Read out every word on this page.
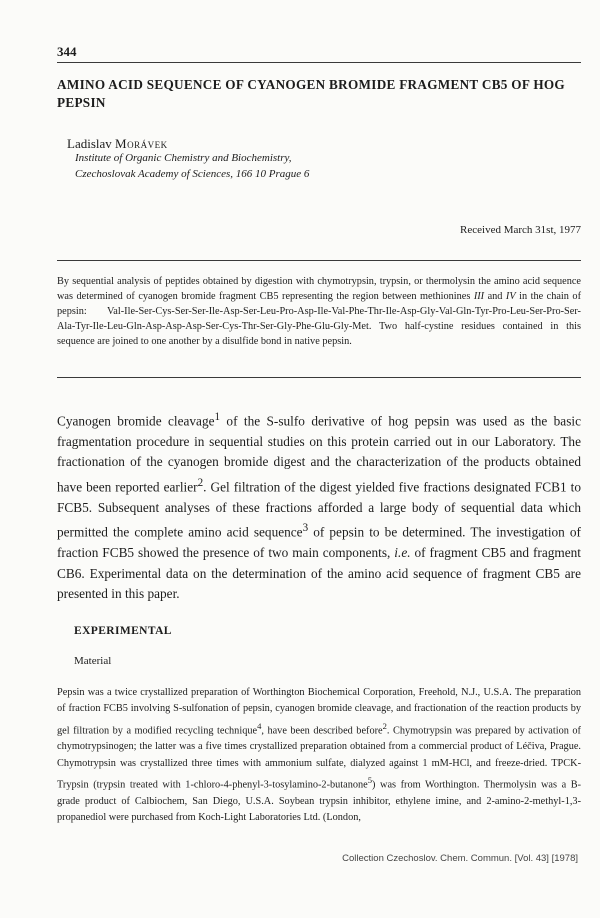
344
AMINO ACID SEQUENCE OF CYANOGEN BROMIDE FRAGMENT CB5 OF HOG PEPSIN
Ladislav Morávek
Institute of Organic Chemistry and Biochemistry,
Czechoslovak Academy of Sciences, 166 10 Prague 6
Received March 31st, 1977
By sequential analysis of peptides obtained by digestion with chymotrypsin, trypsin, or thermolysin the amino acid sequence was determined of cyanogen bromide fragment CB5 representing the region between methionines III and IV in the chain of pepsin: Val-Ile-Ser-Cys-Ser-Ser-Ile-Asp-Ser-Leu-Pro-Asp-Ile-Val-Phe-Thr-Ile-Asp-Gly-Val-Gln-Tyr-Pro-Leu-Ser-Pro-Ser-Ala-Tyr-Ile-Leu-Gln-Asp-Asp-Asp-Ser-Cys-Thr-Ser-Gly-Phe-Glu-Gly-Met. Two half-cystine residues contained in this sequence are joined to one another by a disulfide bond in native pepsin.
Cyanogen bromide cleavage$^1$ of the S-sulfo derivative of hog pepsin was used as the basic fragmentation procedure in sequential studies on this protein carried out in our Laboratory. The fractionation of the cyanogen bromide digest and the characterization of the products obtained have been reported earlier$^2$. Gel filtration of the digest yielded five fractions designated FCB1 to FCB5. Subsequent analyses of these fractions afforded a large body of sequential data which permitted the complete amino acid sequence$^3$ of pepsin to be determined. The investigation of fraction FCB5 showed the presence of two main components, i.e. of fragment CB5 and fragment CB6. Experimental data on the determination of the amino acid sequence of fragment CB5 are presented in this paper.
EXPERIMENTAL
Material
Pepsin was a twice crystallized preparation of Worthington Biochemical Corporation, Freehold, N.J., U.S.A. The preparation of fraction FCB5 involving S-sulfonation of pepsin, cyanogen bromide cleavage, and fractionation of the reaction products by gel filtration by a modified recycling technique$^4$, have been described before$^2$. Chymotrypsin was prepared by activation of chymotrypsinogen; the latter was a five times crystallized preparation obtained from a commercial product of Léčiva, Prague. Chymotrypsin was crystallized three times with ammonium sulfate, dialyzed against 1 mM-HCl, and freeze-dried. TPCK-Trypsin (trypsin treated with 1-chloro-4-phenyl-3-tosylamino-2-butanone$^5$) was from Worthington. Thermolysin was a B-grade product of Calbiochem, San Diego, U.S.A. Soybean trypsin inhibitor, ethylene imine, and 2-amino-2-methyl-1,3-propanediol were purchased from Koch-Light Laboratories Ltd. (London,
Collection Czechoslov. Chem. Commun. [Vol. 43] [1978]
